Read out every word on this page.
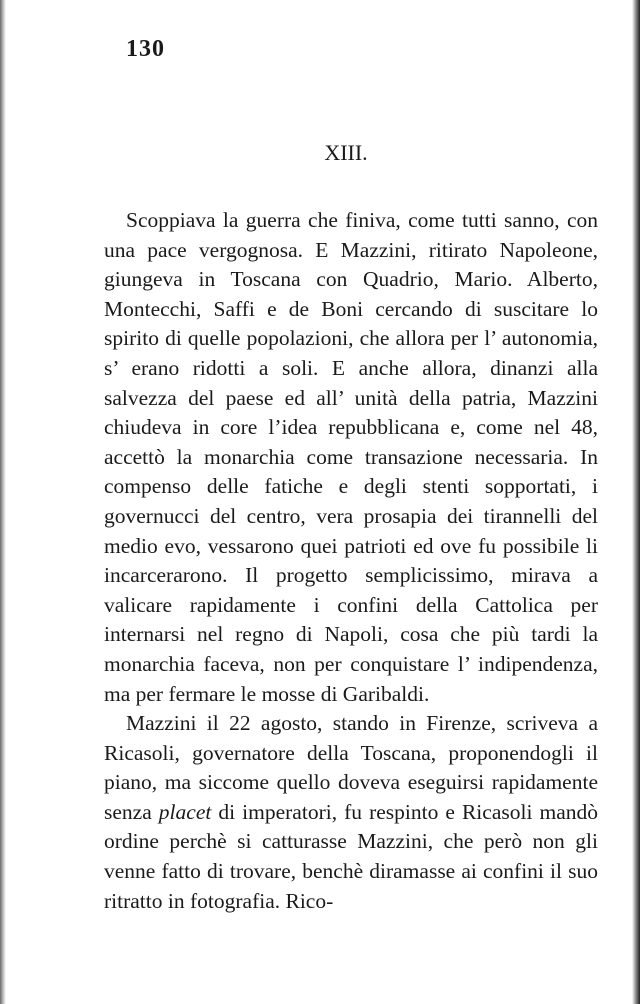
130
XIII.

Scoppiava la guerra che finiva, come tutti sanno, con una pace vergognosa. E Mazzini, ritirato Napoleone, giungeva in Toscana con Quadrio, Mario. Alberto, Montecchi, Saffi e de Boni cercando di suscitare lo spirito di quelle popolazioni, che allora per l’ autonomia, s’ erano ridotti a soli. E anche allora, dinanzi alla salvezza del paese ed all’ unità della patria, Mazzini chiudeva in core l’idea repubblicana e, come nel 48, accettò la monarchia come transazione necessaria. In compenso delle fatiche e degli stenti sopportati, i governucci del centro, vera prosapia dei tirannelli del medio evo, vessarono quei patrioti ed ove fu possibile li incarcerarono. Il progetto semplicissimo, mirava a valicare rapidamente i confini della Cattolica per internarsi nel regno di Napoli, cosa che più tardi la monarchia faceva, non per conquistare l’ indipendenza, ma per fermare le mosse di Garibaldi.

Mazzini il 22 agosto, stando in Firenze, scriveva a Ricasoli, governatore della Toscana, proponendogli il piano, ma siccome quello doveva eseguirsi rapidamente senza placet di imperatori, fu respinto e Ricasoli mandò ordine perchè si catturasse Mazzini, che però non gli venne fatto di trovare, benchè diramasse ai confini il suo ritratto in fotografia. Rico-
